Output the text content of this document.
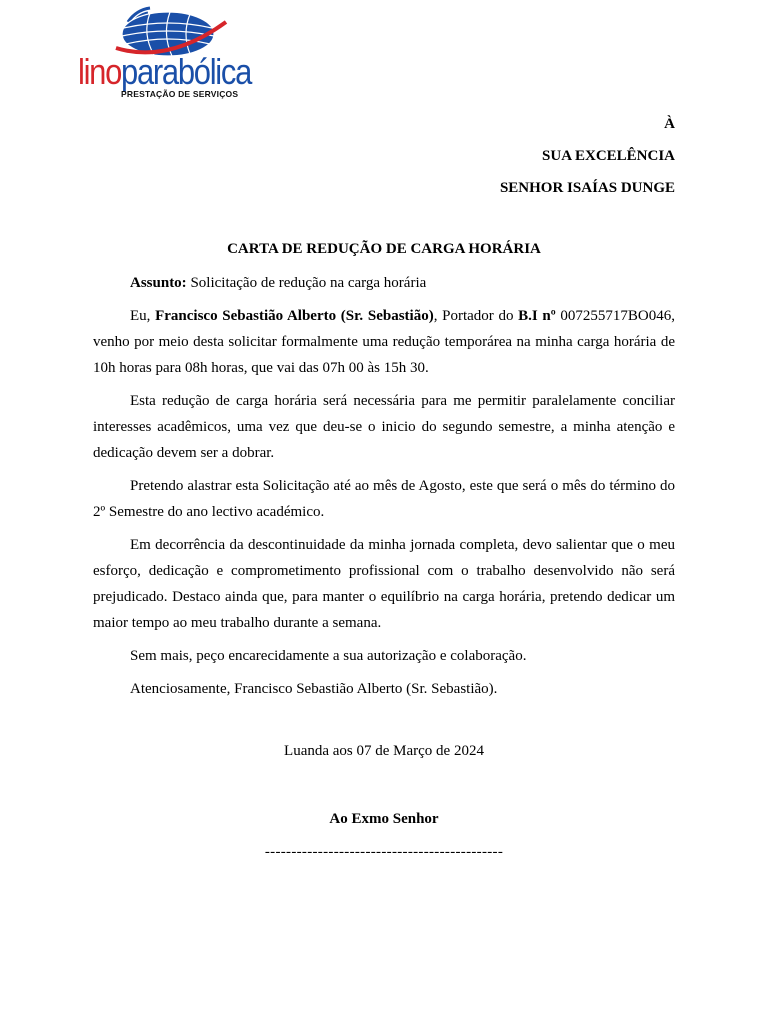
linoparabólica
PRESTAÇÃO DE SERVIÇOS
À
SUA EXCELÊNCIA
SENHOR ISAÍAS DUNGE
CARTA DE REDUÇÃO DE CARGA HORÁRIA

Assunto: Solicitação de redução na carga horária

Eu, Francisco Sebastião Alberto (Sr. Sebastião), Portador do B.I nº 007255717BO046, venho por meio desta solicitar formalmente uma redução temporárea na minha carga horária de 10h horas para 08h horas, que vai das 07h 00 às 15h 30.

Esta redução de carga horária será necessária para me permitir paralelamente conciliar interesses acadêmicos, uma vez que deu-se o inicio do segundo semestre, a minha atenção e dedicação devem ser a dobrar.

Pretendo alastrar esta Solicitação até ao mês de Agosto, este que será o mês do término do 2º Semestre do ano lectivo académico.

Em decorrência da descontinuidade da minha jornada completa, devo salientar que o meu esforço, dedicação e comprometimento profissional com o trabalho desenvolvido não será prejudicado. Destaco ainda que, para manter o equilíbrio na carga horária, pretendo dedicar um maior tempo ao meu trabalho durante a semana.

Sem mais, peço encarecidamente a sua autorização e colaboração.

Atenciosamente, Francisco Sebastião Alberto (Sr. Sebastião).

Luanda aos 07 de Março de 2024
Ao Exmo Senhor
---------------------------------------------
